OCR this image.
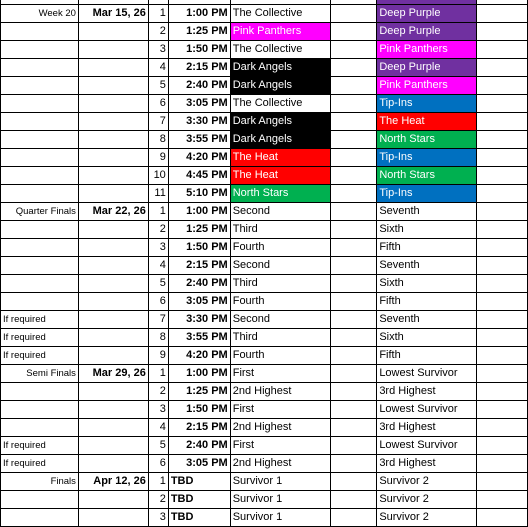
Week 20	Mar 15, 26	1	1:00 PM	The Collective		Deep Purple	
		2	1:25 PM	Pink Panthers		Deep Purple	
		3	1:50 PM	The Collective		Pink Panthers	
		4	2:15 PM	Dark Angels		Deep Purple	
		5	2:40 PM	Dark Angels		Pink Panthers	
		6	3:05 PM	The Collective		Tip-Ins	
		7	3:30 PM	Dark Angels		The Heat	
		8	3:55 PM	Dark Angels		North Stars	
		9	4:20 PM	The Heat		Tip-Ins	
		10	4:45 PM	The Heat		North Stars	
		11	5:10 PM	North Stars		Tip-Ins	
Quarter Finals	Mar 22, 26	1	1:00 PM	Second		Seventh	
		2	1:25 PM	Third		Sixth	
		3	1:50 PM	Fourth		Fifth	
		4	2:15 PM	Second		Seventh	
		5	2:40 PM	Third		Sixth	
		6	3:05 PM	Fourth		Fifth	
If required		7	3:30 PM	Second		Seventh	
If required		8	3:55 PM	Third		Sixth	
If required		9	4:20 PM	Fourth		Fifth	
Semi Finals	Mar 29, 26	1	1:00 PM	First		Lowest Survivor	
		2	1:25 PM	2nd Highest		3rd Highest	
		3	1:50 PM	First		Lowest Survivor	
		4	2:15 PM	2nd Highest		3rd Highest	
If required		5	2:40 PM	First		Lowest Survivor	
If required		6	3:05 PM	2nd Highest		3rd Highest	
Finals	Apr 12, 26	1	TBD	Survivor 1		Survivor 2	
		2	TBD	Survivor 1		Survivor 2	
		3	TBD	Survivor 1		Survivor 2	
